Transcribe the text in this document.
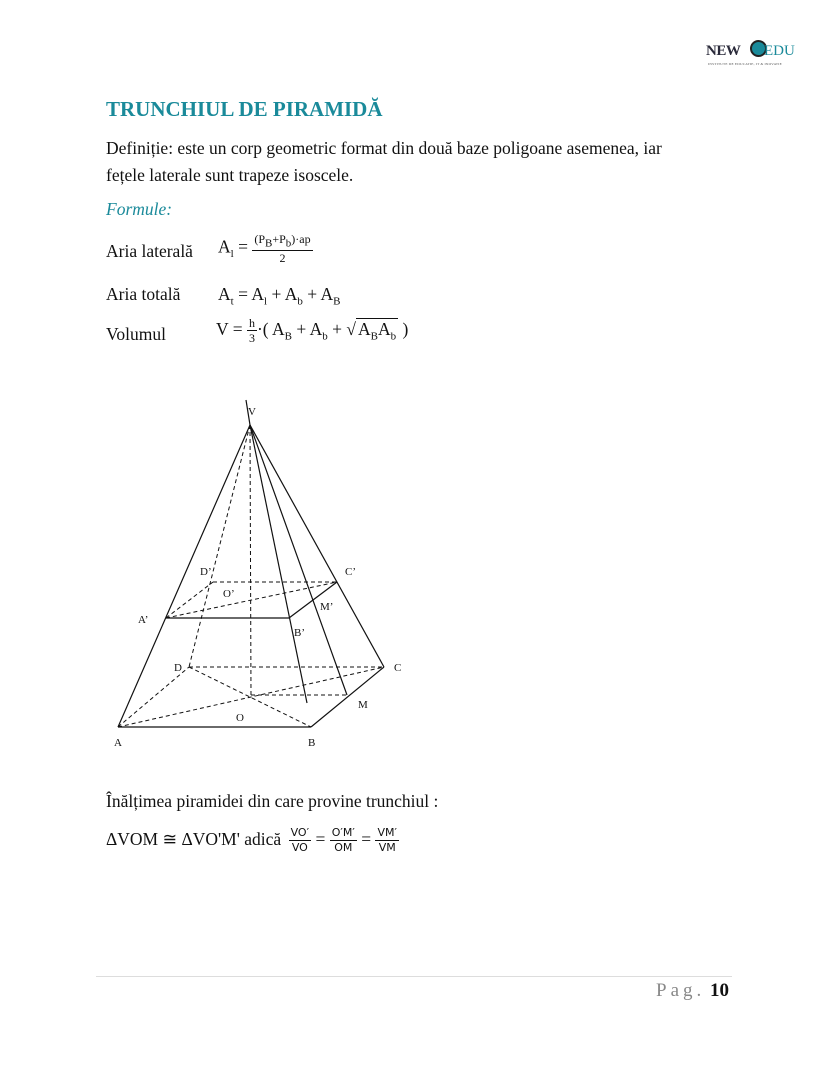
NEW EDU
INSTITUTE DE EDUCATIE, IT & INOVATIE
TRUNCHIUL DE PIRAMIDĂ
Definiție: este un corp geometric format din două baze poligoane asemenea, iar
fețele laterale sunt trapeze isoscele.
Formule:
Aria laterală $A_l = \frac{(P_B+P_b)\cdot ap}{2}$
Aria totală $A_t = A_l + A_b + A_B$
Volumul	$V = \frac{h}{3}$ ·( $A_B + A_b$ + √ $A_BA_b$ )
V
D’	C’
O’
M’
A’
B’
D	C
O
M
A	B
Înălțimea piramidei din care provine trunchiul :
ΔVOM ≅ ΔVO'M' adică $\frac{VO'}{VO} = \frac{O'M'}{OM} = \frac{VM'}{VM}$
Pag. 10
